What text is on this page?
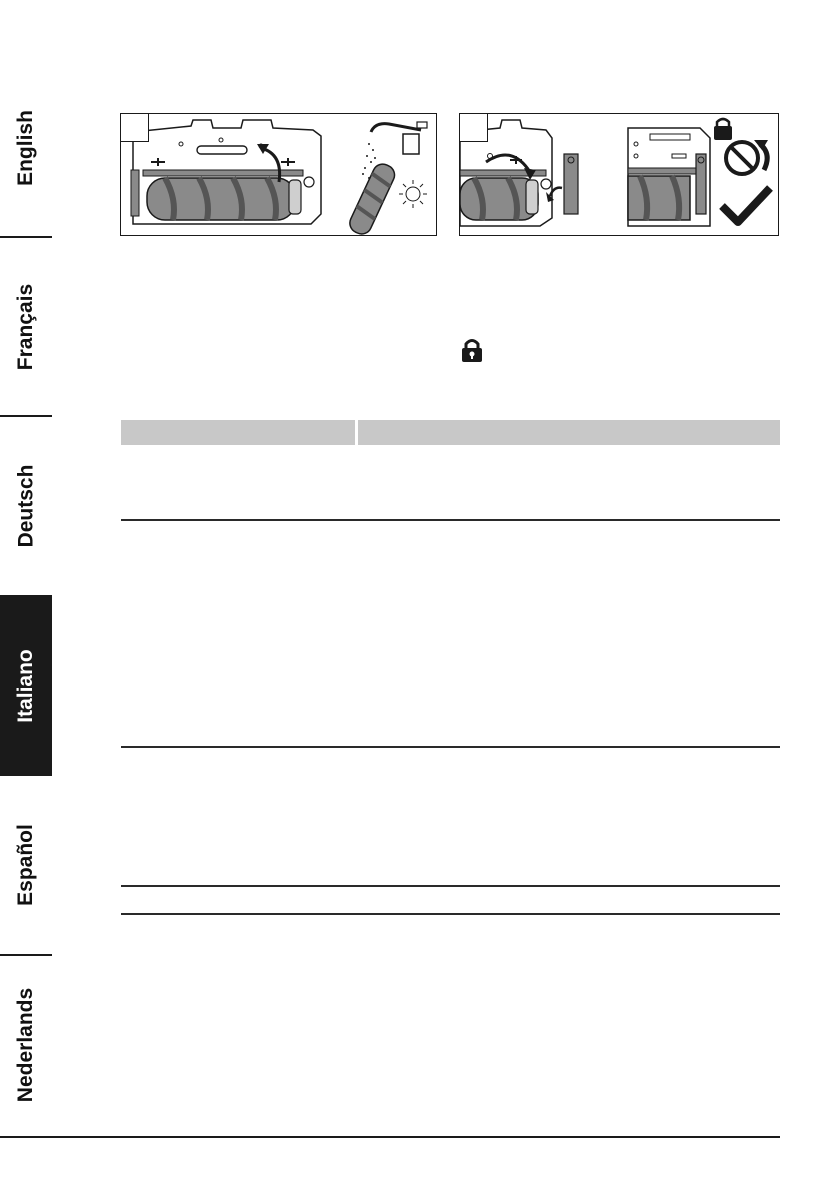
English
Français
Deutsch
Italiano
Español
Nederlands
